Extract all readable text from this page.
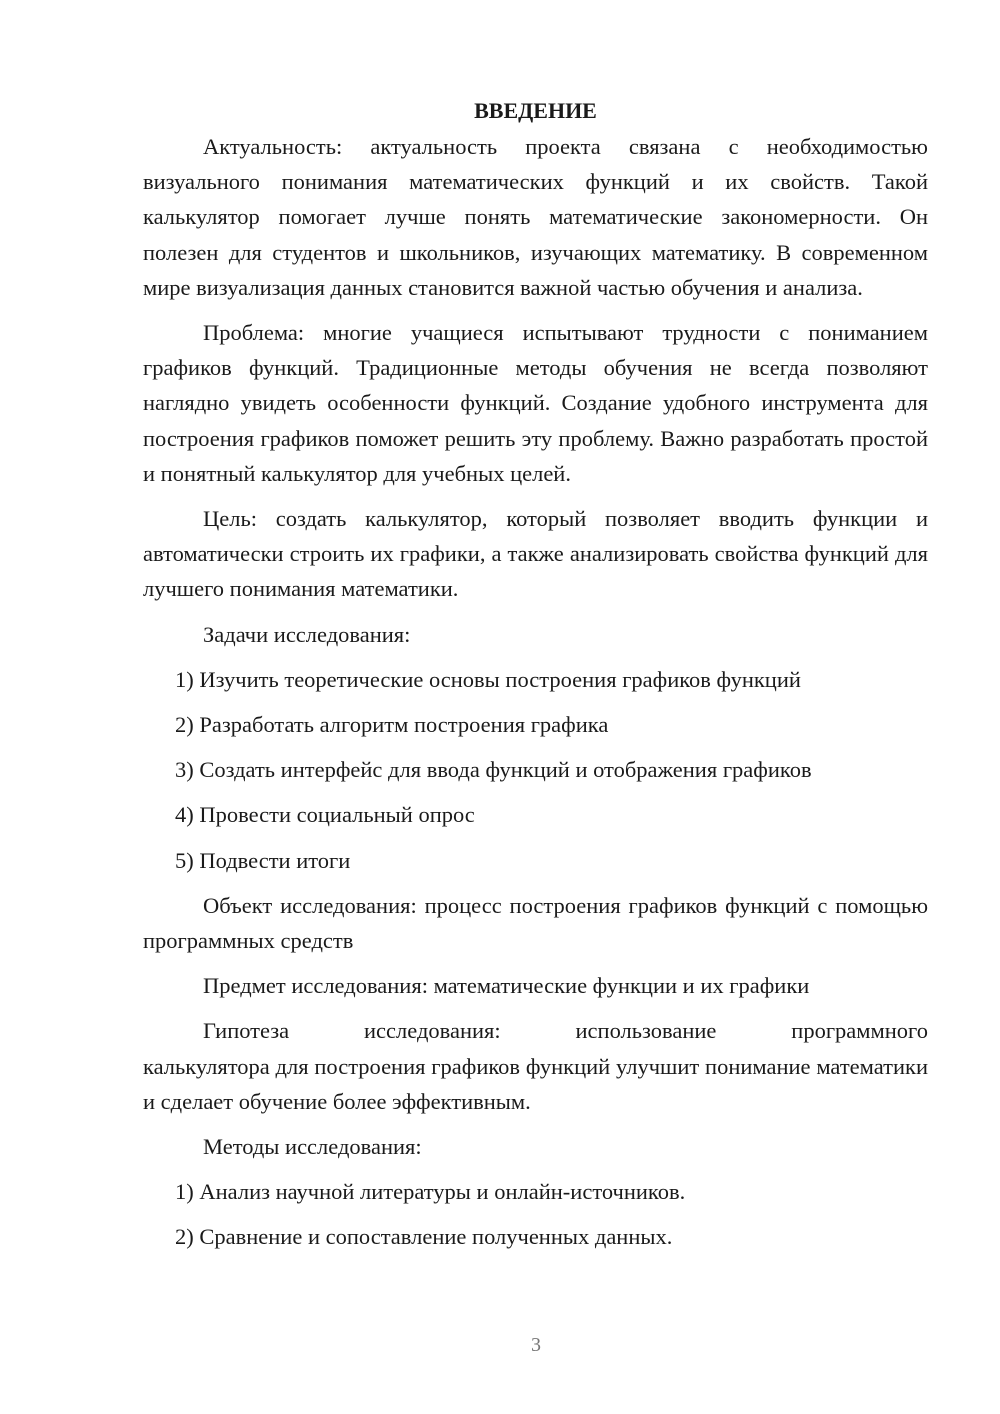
ВВЕДЕНИЕ
Актуальность: актуальность проекта связана с необходимостью визуального понимания математических функций и их свойств. Такой калькулятор помогает лучше понять математические закономерности. Он полезен для студентов и школьников, изучающих математику. В современном мире визуализация данных становится важной частью обучения и анализа.
Проблема: многие учащиеся испытывают трудности с пониманием графиков функций. Традиционные методы обучения не всегда позволяют наглядно увидеть особенности функций. Создание удобного инструмента для построения графиков поможет решить эту проблему. Важно разработать простой и понятный калькулятор для учебных целей.
Цель: создать калькулятор, который позволяет вводить функции и автоматически строить их графики, а также анализировать свойства функций для лучшего понимания математики.
Задачи исследования:
1) Изучить теоретические основы построения графиков функций
2) Разработать алгоритм построения графика
3) Создать интерфейс для ввода функций и отображения графиков
4) Провести социальный опрос
5) Подвести итоги
Объект исследования: процесс построения графиков функций с помощью программных средств
Предмет исследования: математические функции и их графики
Гипотеза	исследования:	использование	программного
калькулятора для построения графиков функций улучшит понимание математики и сделает обучение более эффективным.
Методы исследования:
1) Анализ научной литературы и онлайн-источников.
2) Сравнение и сопоставление полученных данных.
3
